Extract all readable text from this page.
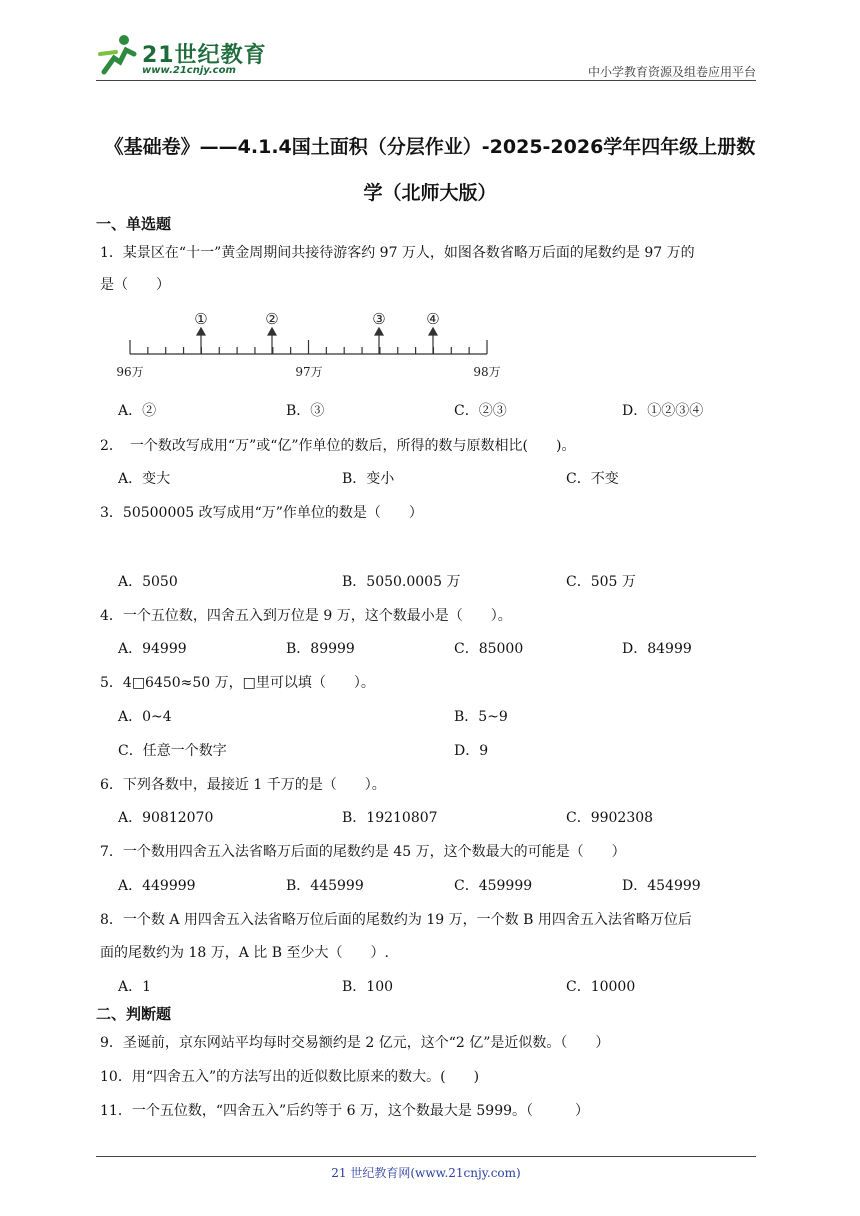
21世纪教育
www.21cnjy.com	中小学教育资源及组卷应用平台
《基础卷》——4.1.4国土面积（分层作业）-2025-2026学年四年级上册数
学（北师大版）
一、单选题
1．某景区在“十一”黄金周期间共接待游客约 97 万人，如图各数省略万后面的尾数约是 97 万的
是（　　）
①	②	③	④
96万	97万	98万
A．②	B．③	C．②③	D．①②③④
2．　一个数改写成用“万”或“亿”作单位的数后，所得的数与原数相比(　　)。
A．变大	B．变小	C．不变
3．50500005 改写成用“万”作单位的数是（　　）
A．5050	B．5050.0005 万	C．505 万
4．一个五位数，四舍五入到万位是 9 万，这个数最小是（　　）。
A．94999	B．89999	C．85000	D．84999
5．4□6450≈50 万，□里可以填（　　）。
A．0~4	B．5~9
C．任意一个数字	D．9
6．下列各数中，最接近 1 千万的是（　　）。
A．90812070	B．19210807	C．9902308
7．一个数用四舍五入法省略万后面的尾数约是 45 万，这个数最大的可能是（　　）
A．449999	B．445999	C．459999	D．454999
8．一个数 A 用四舍五入法省略万位后面的尾数约为 19 万，一个数 B 用四舍五入法省略万位后
面的尾数约为 18 万，A 比 B 至少大（　　）.
A．1	B．100	C．10000
二、判断题
9．圣诞前，京东网站平均每时交易额约是 2 亿元，这个“2 亿”是近似数。（　　）
10．用“四舍五入”的方法写出的近似数比原来的数大。(　　)
11．一个五位数，“四舍五入”后约等于 6 万，这个数最大是 5999。（　　　）
21 世纪教育网(www.21cnjy.com)
